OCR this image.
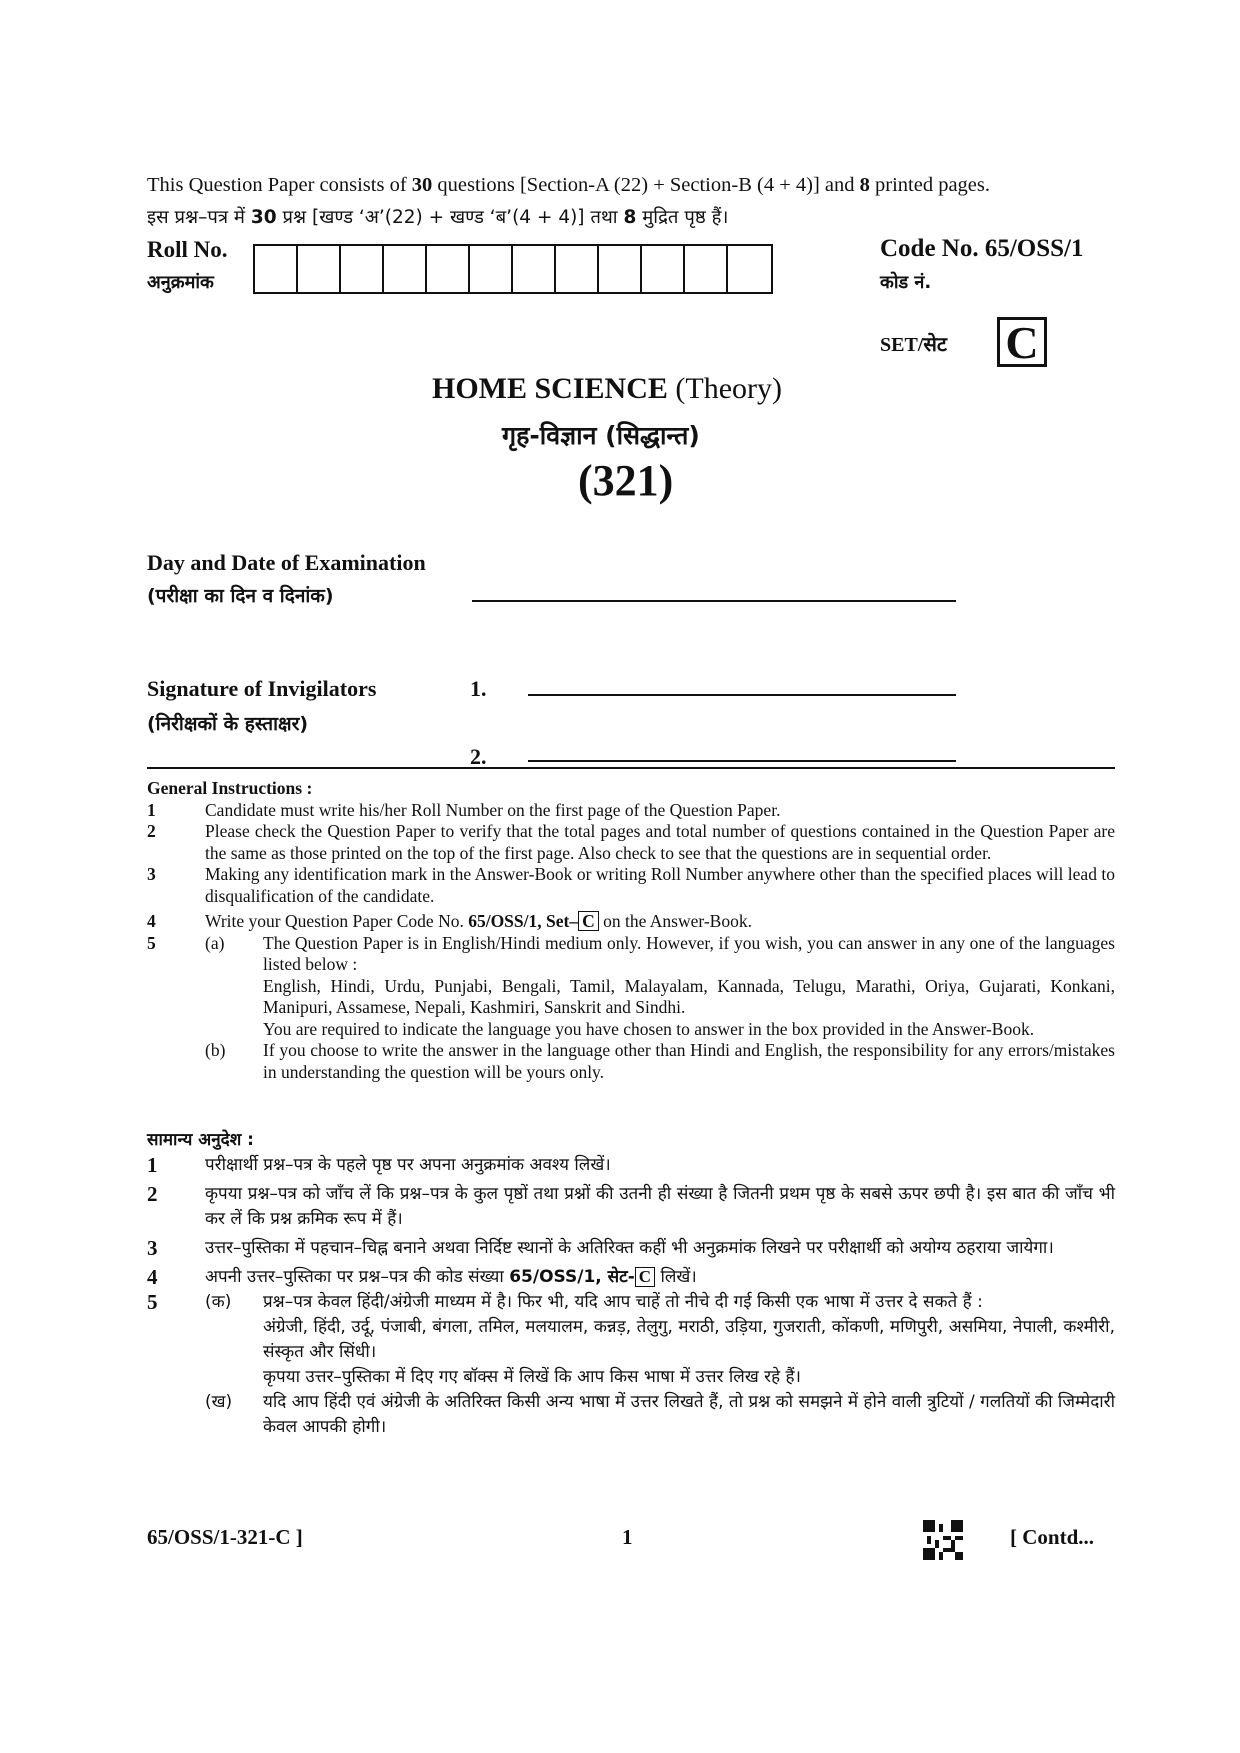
This Question Paper consists of 30 questions [Section-A (22) + Section-B (4 + 4)] and 8 printed pages.
इस प्रश्न–पत्र में 30 प्रश्न [खण्ड ‘अ’(22) + खण्ड ‘ब’(4 + 4)] तथा 8 मुद्रित पृष्ठ हैं।
Roll No.
अनुक्रमांक
Code No. 65/OSS/1
कोड नं.
SET/सेट C
HOME SCIENCE (Theory)
गृह-विज्ञान (सिद्धान्त)
(321)
Day and Date of Examination
(परीक्षा का दिन व दिनांक)
Signature of Invigilators
(निरीक्षकों के हस्ताक्षर)
1.
2.
General Instructions :
1	Candidate must write his/her Roll Number on the first page of the Question Paper.
2	Please check the Question Paper to verify that the total pages and total number of questions contained in the Question Paper are the same as those printed on the top of the first page. Also check to see that the questions are in sequential order.
3	Making any identification mark in the Answer-Book or writing Roll Number anywhere other than the specified places will lead to disqualification of the candidate.
4	Write your Question Paper Code No. 65/OSS/1, Set– C on the Answer-Book.
5	(a)	The Question Paper is in English/Hindi medium only. However, if you wish, you can answer in any one of the languages listed below :
English, Hindi, Urdu, Punjabi, Bengali, Tamil, Malayalam, Kannada, Telugu, Marathi, Oriya, Gujarati, Konkani, Manipuri, Assamese, Nepali, Kashmiri, Sanskrit and Sindhi.
You are required to indicate the language you have chosen to answer in the box provided in the Answer-Book.
(b)	If you choose to write the answer in the language other than Hindi and English, the responsibility for any errors/mistakes in understanding the question will be yours only.
सामान्य अनुदेश :
1	परीक्षार्थी प्रश्न–पत्र के पहले पृष्ठ पर अपना अनुक्रमांक अवश्य लिखें।
2	कृपया प्रश्न–पत्र को जाँच लें कि प्रश्न–पत्र के कुल पृष्ठों तथा प्रश्नों की उतनी ही संख्या है जितनी प्रथम पृष्ठ के सबसे ऊपर छपी है। इस बात की जाँच भी कर लें कि प्रश्न क्रमिक रूप में हैं।
3	उत्तर–पुस्तिका में पहचान–चिह्न बनाने अथवा निर्दिष्ट स्थानों के अतिरिक्त कहीं भी अनुक्रमांक लिखने पर परीक्षार्थी को अयोग्य ठहराया जायेगा।
4	अपनी उत्तर–पुस्तिका पर प्रश्न–पत्र की कोड संख्या 65/OSS/1, सेट- C लिखें।
5	(क)	प्रश्न–पत्र केवल हिंदी/अंग्रेजी माध्यम में है। फिर भी, यदि आप चाहें तो नीचे दी गई किसी एक भाषा में उत्तर दे सकते हैं :
अंग्रेजी, हिंदी, उर्दू, पंजाबी, बंगला, तमिल, मलयालम, कन्नड़, तेलुगु, मराठी, उड़िया, गुजराती, कोंकणी, मणिपुरी, असमिया, नेपाली, कश्मीरी, संस्कृत और सिंधी।
कृपया उत्तर–पुस्तिका में दिए गए बॉक्स में लिखें कि आप किस भाषा में उत्तर लिख रहे हैं।
(ख)	यदि आप हिंदी एवं अंग्रेजी के अतिरिक्त किसी अन्य भाषा में उत्तर लिखते हैं, तो प्रश्न को समझने में होने वाली त्रुटियों / गलतियों की जिम्मेदारी केवल आपकी होगी।
65/OSS/1-321-C ]	1	[ Contd...
